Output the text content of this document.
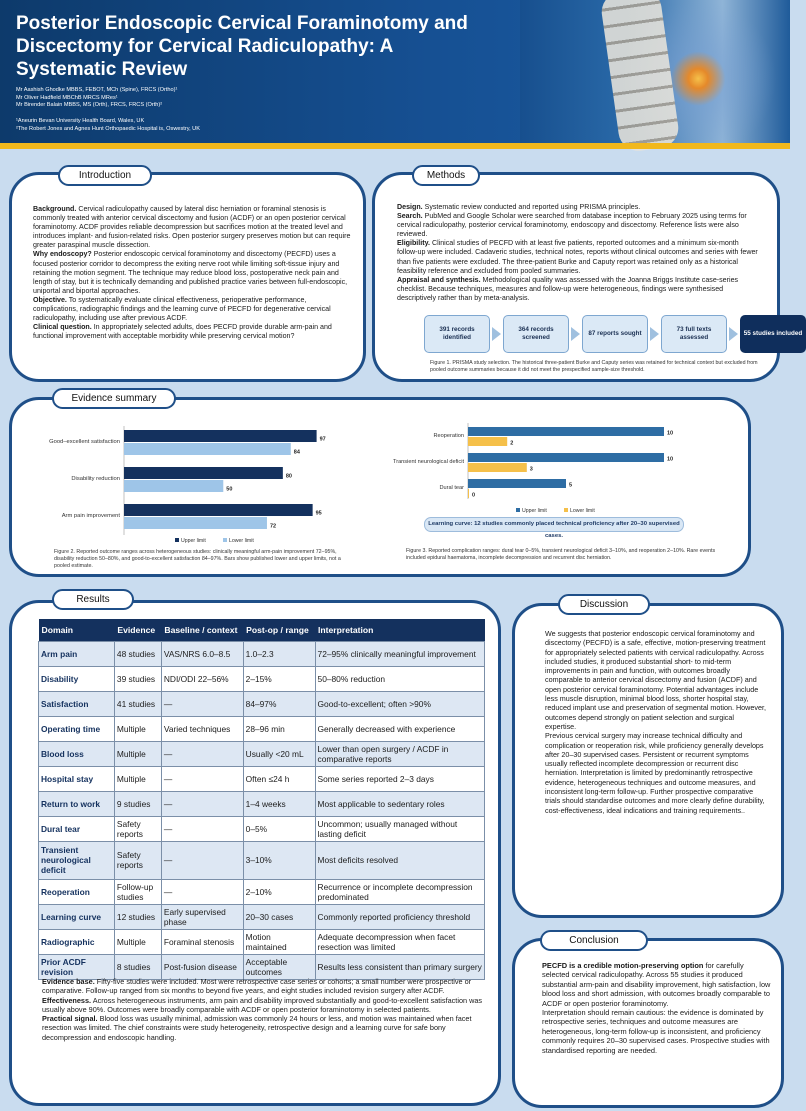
Posterior Endoscopic Cervical Foraminotomy and Discectomy for Cervical Radiculopathy: A Systematic Review
Mr Aashish Ghodke MBBS, FEBOT, MCh (Spine), FRCS (Ortho)¹
Mr Oliver Hadfield MBChB MRCS MRes¹
Mr Birender Balain MBBS, MS (Orth), FRCS, FRCS (Orth)²
¹Aneurin Bevan University Health Board, Wales, UK
²The Robert Jones and Agnes Hunt Orthopaedic Hospital is, Oswestry, UK
Introduction

Background. Cervical radiculopathy caused by lateral disc herniation or foraminal stenosis is commonly treated with anterior cervical discectomy and fusion (ACDF) or an open posterior cervical foraminotomy. ACDF provides reliable decompression but sacrifices motion at the treated level and introduces implant- and fusion-related risks. Open posterior surgery preserves motion but can require greater paraspinal muscle dissection.

Why endoscopy? Posterior endoscopic cervical foraminotomy and discectomy (PECFD) uses a focused posterior corridor to decompress the exiting nerve root while limiting soft-tissue injury and retaining the motion segment. The technique may reduce blood loss, postoperative neck pain and length of stay, but it is technically demanding and published practice varies between full-endoscopic, uniportal and biportal approaches.

Objective. To systematically evaluate clinical effectiveness, perioperative performance, complications, radiographic findings and the learning curve of PECFD for degenerative cervical radiculopathy, including use after previous ACDF.

Clinical question. In appropriately selected adults, does PECFD provide durable arm-pain and functional improvement with acceptable morbidity while preserving cervical motion?

Methods

Design. Systematic review conducted and reported using PRISMA principles.

Search. PubMed and Google Scholar were searched from database inception to February 2025 using terms for cervical radiculopathy, posterior cervical foraminotomy, endoscopy and discectomy. Reference lists were also reviewed.

Eligibility. Clinical studies of PECFD with at least five patients, reported outcomes and a minimum six-month follow-up were included. Cadaveric studies, technical notes, reports without clinical outcomes and series with fewer than five patients were excluded. The three-patient Burke and Caputy report was retained only as a historical feasibility reference and excluded from pooled summaries.

Appraisal and synthesis. Methodological quality was assessed with the Joanna Briggs Institute case-series checklist. Because techniques, measures and follow-up were heterogeneous, findings were synthesised descriptively rather than by meta-analysis.

391 records identified
364 records screened
87 reports sought
73 full texts assessed
55 studies included
Figure 1. PRISMA study selection. The historical three-patient Burke and Caputy series was retained for technical context but excluded from pooled outcome summaries because it did not meet the prespecified sample-size threshold.
Evidence summary
Good–excellent satisfaction	97
84
Disability reduction	80
50
Arm pain improvement	95
72
Upper limit	Lower limit
Figure 2. Reported outcome ranges across heterogeneous studies: clinically meaningful arm-pain improvement 72–95%, disability reduction 50–80%, and good-to-excellent satisfaction 84–97%. Bars show published lower and upper limits, not a pooled estimate.
Reoperation	10
2
Transient neurological deficit	10
3
Dural tear	5
0
Upper limit	Lower limit
Learning curve: 12 studies commonly placed technical proficiency after 20–30 supervised cases.
Figure 3. Reported complication ranges: dural tear 0–5%, transient neurological deficit 3–10%, and reoperation 2–10%. Rare events included epidural haematoma, incomplete decompression and recurrent disc herniation.
Results
Domain	Evidence	Baseline / context	Post-op / range	Interpretation
Arm pain	48 studies	VAS/NRS 6.0–8.5	1.0–2.3	72–95% clinically meaningful improvement
Disability	39 studies	NDI/ODI 22–56%	2–15%	50–80% reduction
Satisfaction	41 studies	—	84–97%	Good-to-excellent; often >90%
Operating time	Multiple	Varied techniques	28–96 min	Generally decreased with experience
Blood loss	Multiple	—	Usually <20 mL	Lower than open surgery / ACDF in comparative reports
Hospital stay	Multiple	—	Often ≤24 h	Some series reported 2–3 days
Return to work	9 studies	—	1–4 weeks	Most applicable to sedentary roles
Dural tear	Safety reports	—	0–5%	Uncommon; usually managed without lasting deficit
Transient neurological deficit	Safety reports	—	3–10%	Most deficits resolved
Reoperation	Follow-up studies	—	2–10%	Recurrence or incomplete decompression predominated
Learning curve	12 studies	Early supervised phase	20–30 cases	Commonly reported proficiency threshold
Radiographic	Multiple	Foraminal stenosis	Motion maintained	Adequate decompression when facet resection was limited
Prior ACDF revision	8 studies	Post-fusion disease	Acceptable outcomes	Results less consistent than primary surgery

Evidence base. Fifty-five studies were included. Most were retrospective case series or cohorts; a small number were prospective or comparative. Follow-up ranged from six months to beyond five years, and eight studies included revision surgery after ACDF.

Effectiveness. Across heterogeneous instruments, arm pain and disability improved substantially and good-to-excellent satisfaction was usually above 90%. Outcomes were broadly comparable with ACDF or open posterior foraminotomy in selected patients.

Practical signal. Blood loss was usually minimal, admission was commonly 24 hours or less, and motion was maintained when facet resection was limited. The chief constraints were study heterogeneity, retrospective design and a learning curve for safe bony decompression and endoscopic handling.

Discussion

We suggests that posterior endoscopic cervical foraminotomy and discectomy (PECFD) is a safe, effective, motion-preserving treatment for appropriately selected patients with cervical radiculopathy. Across included studies, it produced substantial short- to mid-term improvements in pain and function, with outcomes broadly comparable to anterior cervical discectomy and fusion (ACDF) and open posterior cervical foraminotomy. Potential advantages include less muscle disruption, minimal blood loss, shorter hospital stay, reduced implant use and preservation of segmental motion. However, outcomes depend strongly on patient selection and surgical expertise.

Previous cervical surgery may increase technical difficulty and complication or reoperation risk, while proficiency generally develops after 20–30 supervised cases. Persistent or recurrent symptoms usually reflected incomplete decompression or recurrent disc herniation. Interpretation is limited by predominantly retrospective evidence, heterogeneous techniques and outcome measures, and inconsistent long-term follow-up. Further prospective comparative trials should standardise outcomes and more clearly define durability, cost-effectiveness, ideal indications and training requirements..

Conclusion

PECFD is a credible motion-preserving option for carefully selected cervical radiculopathy. Across 55 studies it produced substantial arm-pain and disability improvement, high satisfaction, low blood loss and short admission, with outcomes broadly comparable to ACDF or open posterior foraminotomy.

Interpretation should remain cautious: the evidence is dominated by retrospective series, techniques and outcome measures are heterogeneous, long-term follow-up is inconsistent, and proficiency commonly requires 20–30 supervised cases. Prospective studies with standardised reporting are needed.
